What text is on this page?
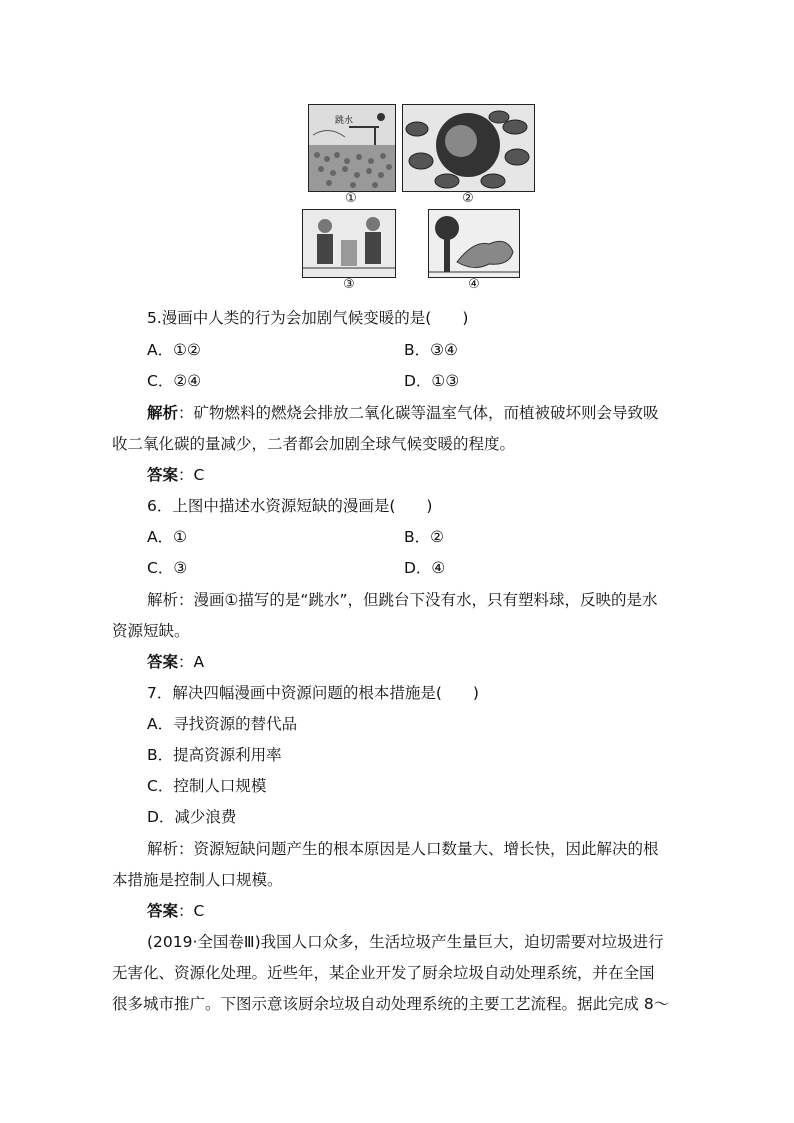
跳水
①	②
③	④
5.漫画中人类的行为会加剧气候变暖的是(　　)
A．①②	B．③④
C．②④	D．①③
解析：矿物燃料的燃烧会排放二氧化碳等温室气体，而植被破坏则会导致吸
收二氧化碳的量减少，二者都会加剧全球气候变暖的程度。
答案：C
6．上图中描述水资源短缺的漫画是(　　)
A．①	B．②
C．③	D．④
解析：漫画①描写的是“跳水”，但跳台下没有水，只有塑料球，反映的是水
资源短缺。
答案：A
7．解决四幅漫画中资源问题的根本措施是(　　)
A．寻找资源的替代品
B．提高资源利用率
C．控制人口规模
D．减少浪费
解析：资源短缺问题产生的根本原因是人口数量大、增长快，因此解决的根
本措施是控制人口规模。
答案：C
(2019·全国卷Ⅲ)我国人口众多，生活垃圾产生量巨大，迫切需要对垃圾进行
无害化、资源化处理。近些年，某企业开发了厨余垃圾自动处理系统，并在全国
很多城市推广。下图示意该厨余垃圾自动处理系统的主要工艺流程。据此完成 8～
